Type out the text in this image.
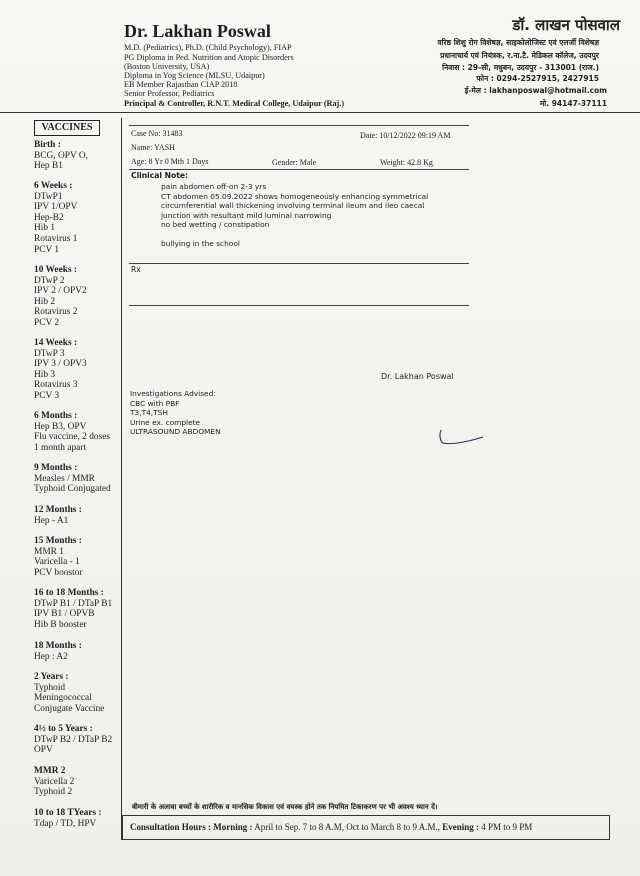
Dr. Lakhan Poswal
M.D. (Pediatrics), Ph.D. (Child Psychology), FIAP
PG Diploma in Ped. Nutrition and Atopic Disorders
(Boston University, USA)
Diploma in Yog Science (MLSU, Udaipur)
EB Member Rajasthan CIAP 2018
Senior Professor, Pediatrics
Principal & Controller, R.N.T. Medical College, Udaipur (Raj.)
डॉ. लाखन पोसवाल
वरिष्ठ शिशु रोग विशेषज्ञ, साइकोलोजिस्ट एवं एलर्जी विशेषज्ञ
प्रधानाचार्य एवं नियंत्रक, र.ना.टै. मेडिकल कॉलेज, उदयपुर
निवास : 29-सी, मधुबन, उदयपुर - 313001 (राज.)
फोन : 0294-2527915, 2427915
ई-मेल : lakhanposwal@hotmail.com
मो. 94147-37111
VACCINES
Birth :
BCG, OPV O,
Hep B1
6 Weeks :
DTwP1
IPV 1/OPV
Hep-B2
Hib 1
Rotavirus 1
PCV 1
10 Weeks :
DTwP 2
IPV 2 / OPV2
Hib 2
Rotavirus 2
PCV 2
14 Weeks :
DTwP 3
IPV 3 / OPV3
Hib 3
Rotavirus 3
PCV 3
6 Months :
Hep B3, OPV
Flu vaccine, 2 doses
1 month apart
9 Months :
Measles / MMR
Typhoid Conjugated
12 Months :
Hep - A1
15 Months :
MMR 1
Varicella - 1
PCV boostor
16 to 18 Months :
DTwP B1 / DTaP B1
IPV B1 / OPVB
Hib B booster
18 Months :
Hep : A2
2 Years :
Typhoid
Meningococcal
Conjugate Vaccine
4½ to 5 Years :
DTwP B2 / DTaP B2
OPV
MMR 2
Varicella 2
Typhoid 2
10 to 18 TYears :
Tdap / TD, HPV
Case No: 31483	Date: 10/12/2022 09:19 AM
Name: YASH
Age: 8 Yr 0 Mth 1 Days	Gender: Male	Weight: 42.8 Kg
Clinical Note:
pain abdomen off-on 2-3 yrs
CT abdomen 05.09.2022 shows homogeneously enhancing symmetrical
circumferential wall thickening involving terminal ileum and ileo caecal
junction with resultant mild luminal narrowing
no bed wetting / constipation
bullying in the school
Rx
Dr. Lakhan Poswal
Investigations Advised:
CBC with PBF
T3,T4,TSH
Urine ex. complete
ULTRASOUND ABDOMEN
बीमारी के अलावा बच्चों के शारीरिक व मानसिक विकास एवं वयस्क होने तक नियमित टिकाकरण पर भी अवश्य ध्यान दें।
Consultation Hours : Morning : April to Sep. 7 to 8 A.M, Oct to March 8 to 9 A.M., Evening : 4 PM to 9 PM
